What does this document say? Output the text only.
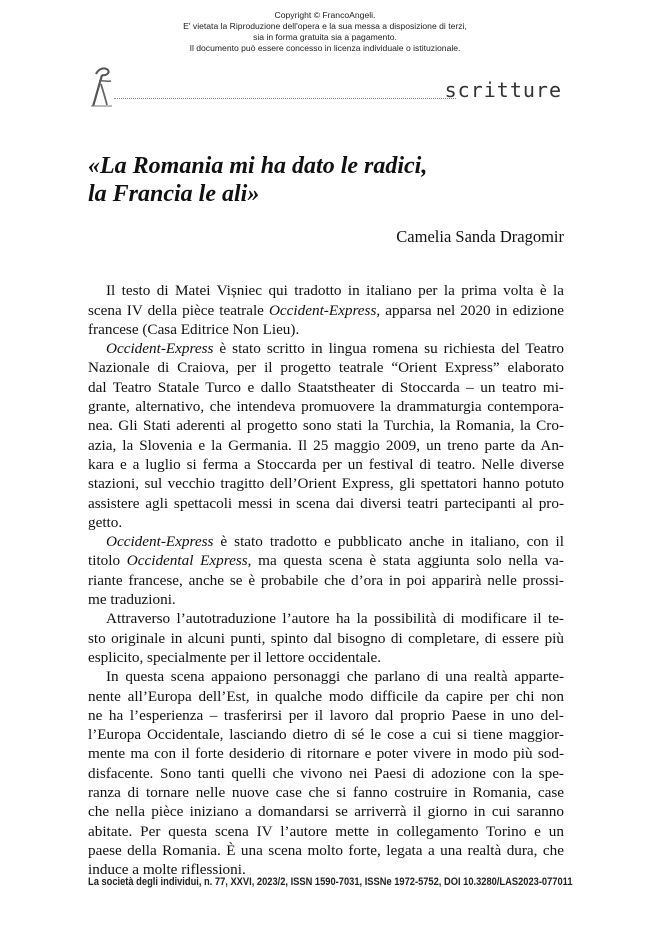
Copyright © FrancoAngeli.
E' vietata la Riproduzione dell'opera e la sua messa a disposizione di terzi,
sia in forma gratuita sia a pagamento.
Il documento può essere concesso in licenza individuale o istituzionale.
scritture
«La Romania mi ha dato le radici,
la Francia le ali»
Camelia Sanda Dragomir
Il testo di Matei Vișniec qui tradotto in italiano per la prima volta è la
scena IV della pièce teatrale Occident-Express, apparsa nel 2020 in edizione
francese (Casa Editrice Non Lieu).
Occident-Express è stato scritto in lingua romena su richiesta del Teatro
Nazionale di Craiova, per il progetto teatrale “Orient Express” elaborato
dal Teatro Statale Turco e dallo Staatstheater di Stoccarda – un teatro mi-
grante, alternativo, che intendeva promuovere la drammaturgia contempora-
nea. Gli Stati aderenti al progetto sono stati la Turchia, la Romania, la Cro-
azia, la Slovenia e la Germania. Il 25 maggio 2009, un treno parte da An-
kara e a luglio si ferma a Stoccarda per un festival di teatro. Nelle diverse
stazioni, sul vecchio tragitto dell’Orient Express, gli spettatori hanno potuto
assistere agli spettacoli messi in scena dai diversi teatri partecipanti al pro-
getto.
Occident-Express è stato tradotto e pubblicato anche in italiano, con il
titolo Occidental Express, ma questa scena è stata aggiunta solo nella va-
riante francese, anche se è probabile che d’ora in poi apparirà nelle prossi-
me traduzioni.
Attraverso l’autotraduzione l’autore ha la possibilità di modificare il te-
sto originale in alcuni punti, spinto dal bisogno di completare, di essere più
esplicito, specialmente per il lettore occidentale.
In questa scena appaiono personaggi che parlano di una realtà apparte-
nente all’Europa dell’Est, in qualche modo difficile da capire per chi non
ne ha l’esperienza – trasferirsi per il lavoro dal proprio Paese in uno del-
l’Europa Occidentale, lasciando dietro di sé le cose a cui si tiene maggior-
mente ma con il forte desiderio di ritornare e poter vivere in modo più sod-
disfacente. Sono tanti quelli che vivono nei Paesi di adozione con la spe-
ranza di tornare nelle nuove case che si fanno costruire in Romania, case
che nella pièce iniziano a domandarsi se arriverrà il giorno in cui saranno
abitate. Per questa scena IV l’autore mette in collegamento Torino e un
paese della Romania. È una scena molto forte, legata a una realtà dura, che
induce a molte riflessioni.
La società degli individui, n. 77, XXVI, 2023/2, ISSN 1590-7031, ISSNe 1972-5752, DOI 10.3280/LAS2023-077011
